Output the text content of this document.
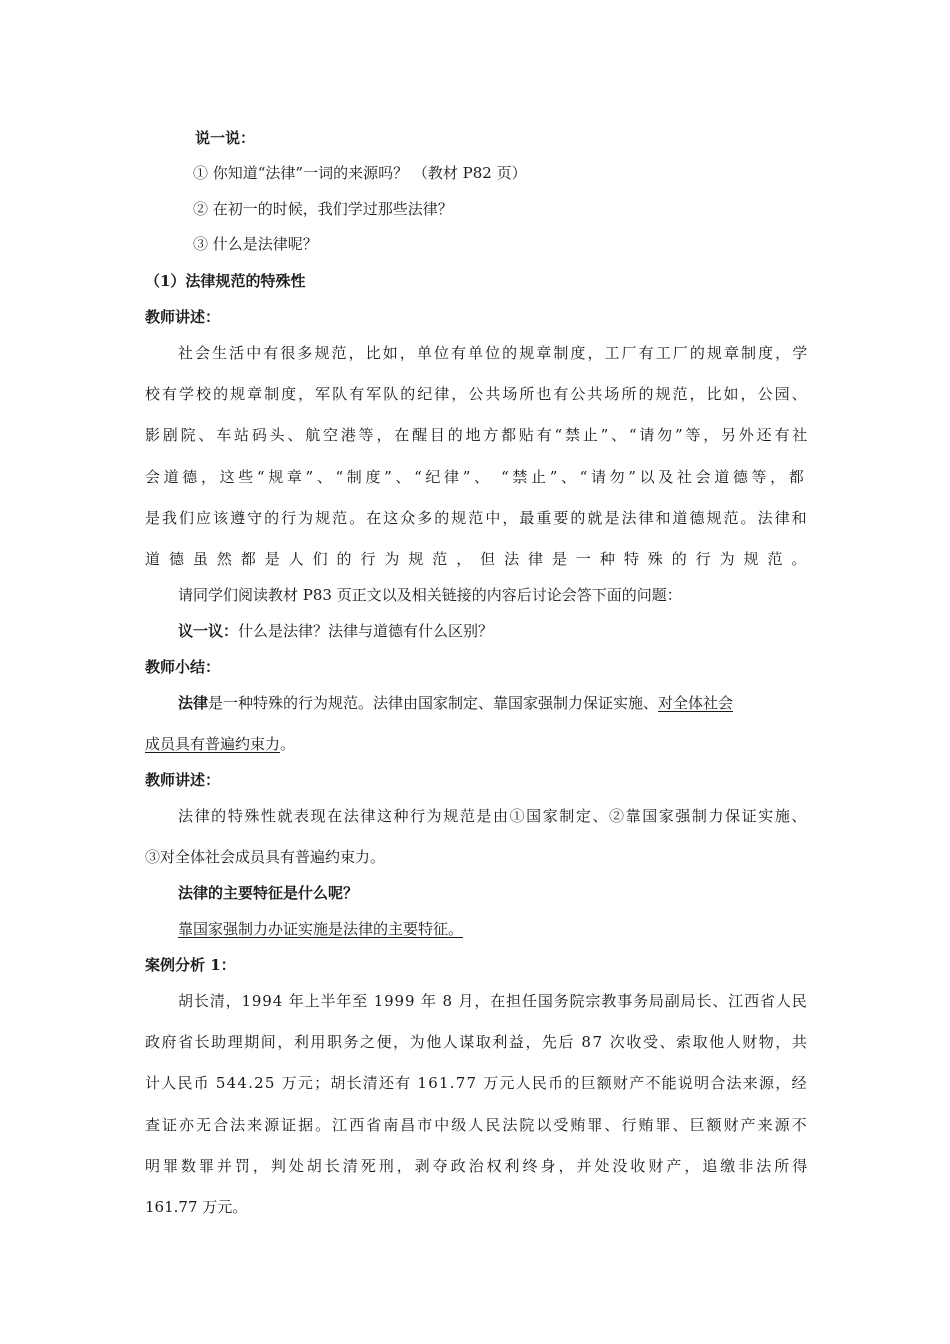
说一说：
① 你知道“法律”一词的来源吗？ （教材 P82 页）
② 在初一的时候，我们学过那些法律？
③ 什么是法律呢？
（1）法律规范的特殊性
教师讲述：
社会生活中有很多规范，比如，单位有单位的规章制度，工厂有工厂的规章制度，学
校有学校的规章制度，军队有军队的纪律，公共场所也有公共场所的规范，比如，公园、
影剧院、车站码头、航空港等，在醒目的地方都贴有“禁止”、“请勿”等，另外还有社
会道德，这些“规章”、“制度”、“纪律”、 “禁止”、“请勿”以及社会道德等，都
是我们应该遵守的行为规范。在这众多的规范中，最重要的就是法律和道德规范。法律和
道德虽然都是人们的行为规范，但法律是一种特殊的行为规范。
请同学们阅读教材 P83 页正文以及相关链接的内容后讨论会答下面的问题：
议一议：什么是法律？法律与道德有什么区别？
教师小结：
法律是一种特殊的行为规范。法律由国家制定、靠国家强制力保证实施、对全体社会
成员具有普遍约束力。
教师讲述：
法律的特殊性就表现在法律这种行为规范是由①国家制定、②靠国家强制力保证实施、
③对全体社会成员具有普遍约束力。
法律的主要特征是什么呢？
靠国家强制力办证实施是法律的主要特征。
案例分析 1：
胡长清，1994 年上半年至 1999 年 8 月，在担任国务院宗教事务局副局长、江西省人民
政府省长助理期间，利用职务之便，为他人谋取利益，先后 87 次收受、索取他人财物，共
计人民币 544.25 万元；胡长清还有 161.77 万元人民币的巨额财产不能说明合法来源，经
查证亦无合法来源证据。江西省南昌市中级人民法院以受贿罪、行贿罪、巨额财产来源不
明罪数罪并罚，判处胡长清死刑，剥夺政治权利终身，并处没收财产，追缴非法所得
161.77 万元。
